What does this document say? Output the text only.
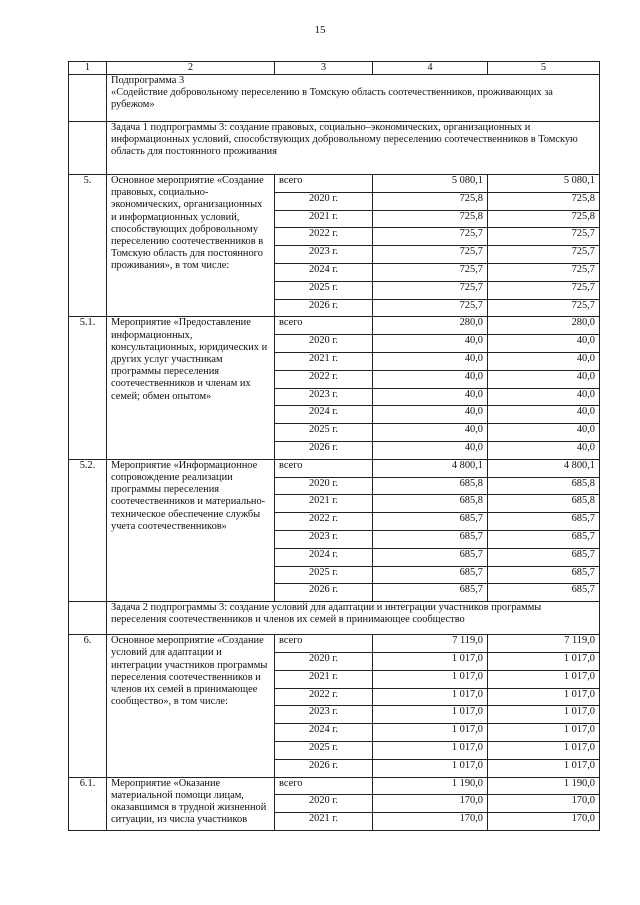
15
1	2	3	4	5

	Подпрограмма 3
«Содействие добровольному переселению в Томскую область соотечественников, проживающих за рубежом»			

	Задача 1 подпрограммы 3: создание правовых, социально–экономических, организационных и информационных условий, способствующих добровольному переселению соотечественников в Томскую область для постоянного проживания			
5.	Основное мероприятие «Создание правовых, социально-экономических, организационных и информационных условий, способствующих добровольному переселению соотечественников в Томскую область для постоянного проживания», в том числе:	всего	5 080,1	5 080,1
		2020 г.	725,8	725,8
		2021 г.	725,8	725,8
		2022 г.	725,7	725,7
		2023 г.	725,7	725,7
		2024 г.	725,7	725,7
		2025 г.	725,7	725,7
		2026 г.	725,7	725,7
5.1.	Мероприятие «Предоставление информационных, консультационных, юридических и других услуг участникам программы переселения соотечественников и членам их семей; обмен опытом»	всего	280,0	280,0
		2020 г.	40,0	40,0
		2021 г.	40,0	40,0
		2022 г.	40,0	40,0
		2023 г.	40,0	40,0
		2024 г.	40,0	40,0
		2025 г.	40,0	40,0
		2026 г.	40,0	40,0
5.2.	Мероприятие «Информационное сопровождение реализации программы переселения соотечественников и материально-техническое обеспечение службы учета соотечественников»	всего	4 800,1	4 800,1
		2020 г.	685,8	685,8
		2021 г.	685,8	685,8
		2022 г.	685,7	685,7
		2023 г.	685,7	685,7
		2024 г.	685,7	685,7
		2025 г.	685,7	685,7
		2026 г.	685,7	685,7
	Задача 2 подпрограммы 3: создание условий для адаптации и интеграции участников программы переселения соотечественников и членов их семей в принимающее сообщество			
6.	Основное мероприятие «Создание условий для адаптации и интеграции участников программы переселения соотечественников и членов их семей в принимающее сообщество», в том числе:	всего	7 119,0	7 119,0
		2020 г.	1 017,0	1 017,0
		2021 г.	1 017,0	1 017,0
		2022 г.	1 017,0	1 017,0
		2023 г.	1 017,0	1 017,0
		2024 г.	1 017,0	1 017,0
		2025 г.	1 017,0	1 017,0
		2026 г.	1 017,0	1 017,0
6.1.	Мероприятие «Оказание материальной помощи лицам, оказавшимся в трудной жизненной ситуации, из числа участников	всего	1 190,0	1 190,0
		2020 г.	170,0	170,0
		2021 г.	170,0	170,0
